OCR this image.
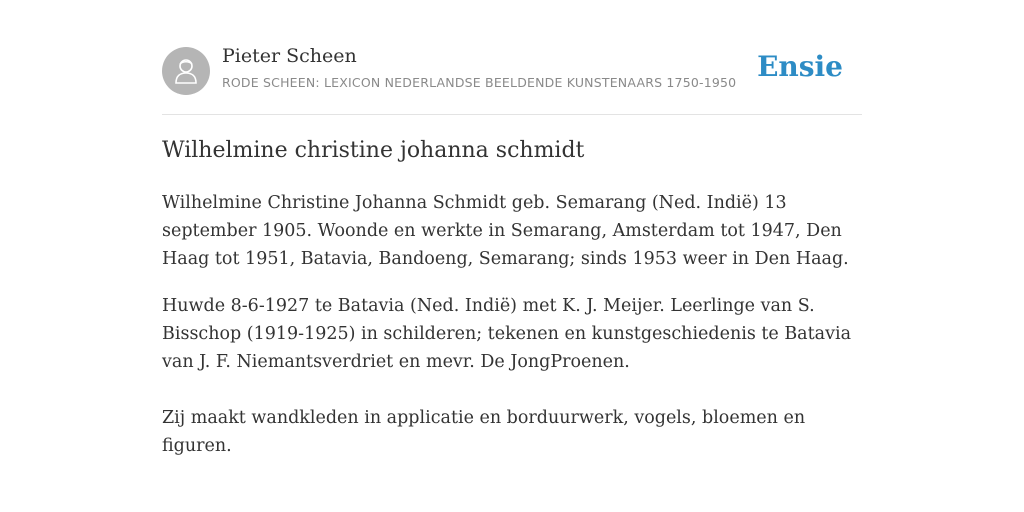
Pieter Scheen
RODE SCHEEN: LEXICON NEDERLANDSE BEELDENDE KUNSTENAARS 1750-1950 Ensie
Wilhelmine christine johanna schmidt

Wilhelmine Christine Johanna Schmidt geb. Semarang (Ned. Indië) 13 september 1905. Woonde en werkte in Semarang, Amsterdam tot 1947, Den Haag tot 1951, Batavia, Bandoeng, Semarang; sinds 1953 weer in Den Haag.

Huwde 8-6-1927 te Batavia (Ned. Indië) met K. J. Meijer. Leerlinge van S. Bisschop (1919-1925) in schilderen; tekenen en kunstgeschiedenis te Batavia van J. F. Niemantsverdriet en mevr. De JongProenen.

Zij maakt wandkleden in applicatie en borduurwerk, vogels, bloemen en figuren.
